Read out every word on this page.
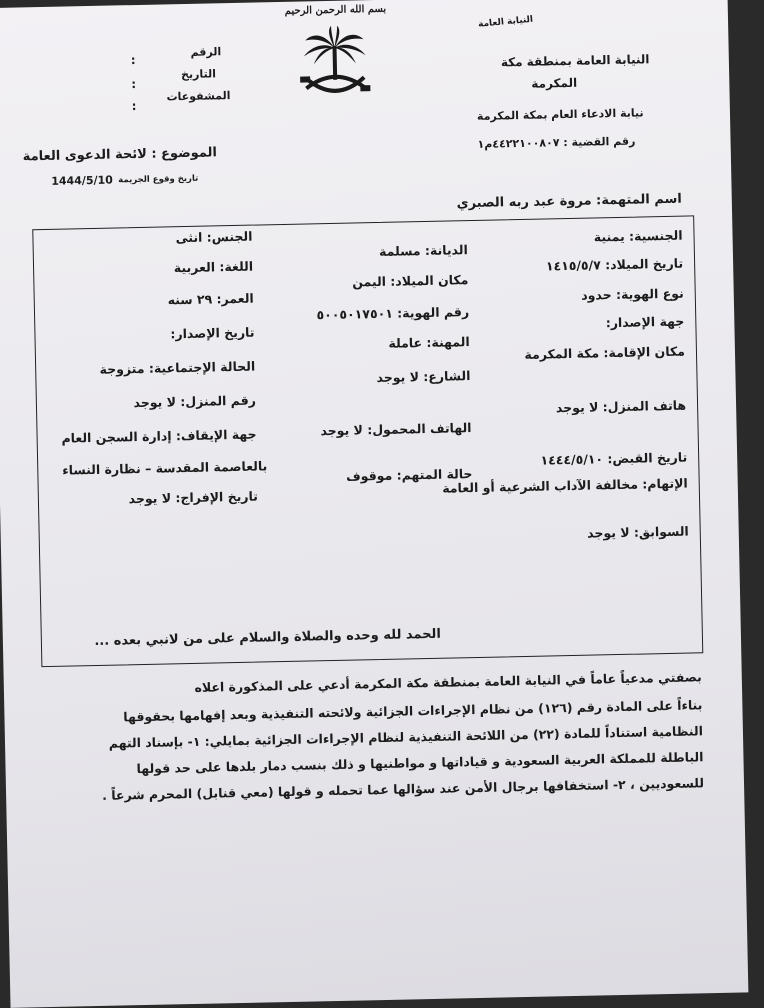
بسم الله الرحمن الرحيم
النيابة العامة
الرقم
:
التاريخ
:
المشفوعات
:
النيابة العامة بمنطقة مكة
المكرمة
نيابة الادعاء العام بمكة المكرمة
رقم القضية : ٤٤٢٢١٠٠٨٠٧م١
الموضوع : لائحة الدعوى العامة
تاريخ وقوع الجريمة
1444/5/10
اسم المتهمة: مروة عبد ربه الصبري
الجنسية: يمنية
تاريخ الميلاد: ١٤١٥/٥/٧
نوع الهوية: حدود
جهة الإصدار:
مكان الإقامة: مكة المكرمة
هاتف المنزل: لا يوجد
تاريخ القبض: ١٤٤٤/٥/١٠
الإتهام: مخالفة الآداب الشرعية أو العامة
السوابق: لا يوجد
الديانة: مسلمة
مكان الميلاد: اليمن
رقم الهوية: ٥٠٠٥٠١٧٥٠١
المهنة: عاملة
الشارع: لا يوجد
الهاتف المحمول: لا يوجد
حالة المتهم: موقوف
الجنس: انثى
اللغة: العربية
العمر: ٢٩ سنه
تاريخ الإصدار:
الحالة الإجتماعية: متزوجة
رقم المنزل: لا يوجد
جهة الإيقاف: إدارة السجن العام
بالعاصمة المقدسة – نظارة النساء
تاريخ الإفراج: لا يوجد
الحمد لله وحده والصلاة والسلام على من لانبي بعده ...
بصفتي مدعياً عاماً في النيابة العامة بمنطقة مكة المكرمة أدعي على المذكورة اعلاه
بناءاً على المادة رقم (١٢٦) من نظام الإجراءات الجزائية ولائحته التنفيذية وبعد إفهامها بحقوقها
النظامية استناداً للمادة (٢٢) من اللائحة التنفيذية لنظام الإجراءات الجزائية بمايلي: ١- بإسناد التهم
الباطلة للمملكة العربية السعودية و قياداتها و مواطنيها و ذلك بنسب دمار بلدها على حد قولها
للسعوديين ، ٢- استخفافها برجال الأمن عند سؤالها عما تحمله و قولها (معي قنابل) المحرم شرعاً .
